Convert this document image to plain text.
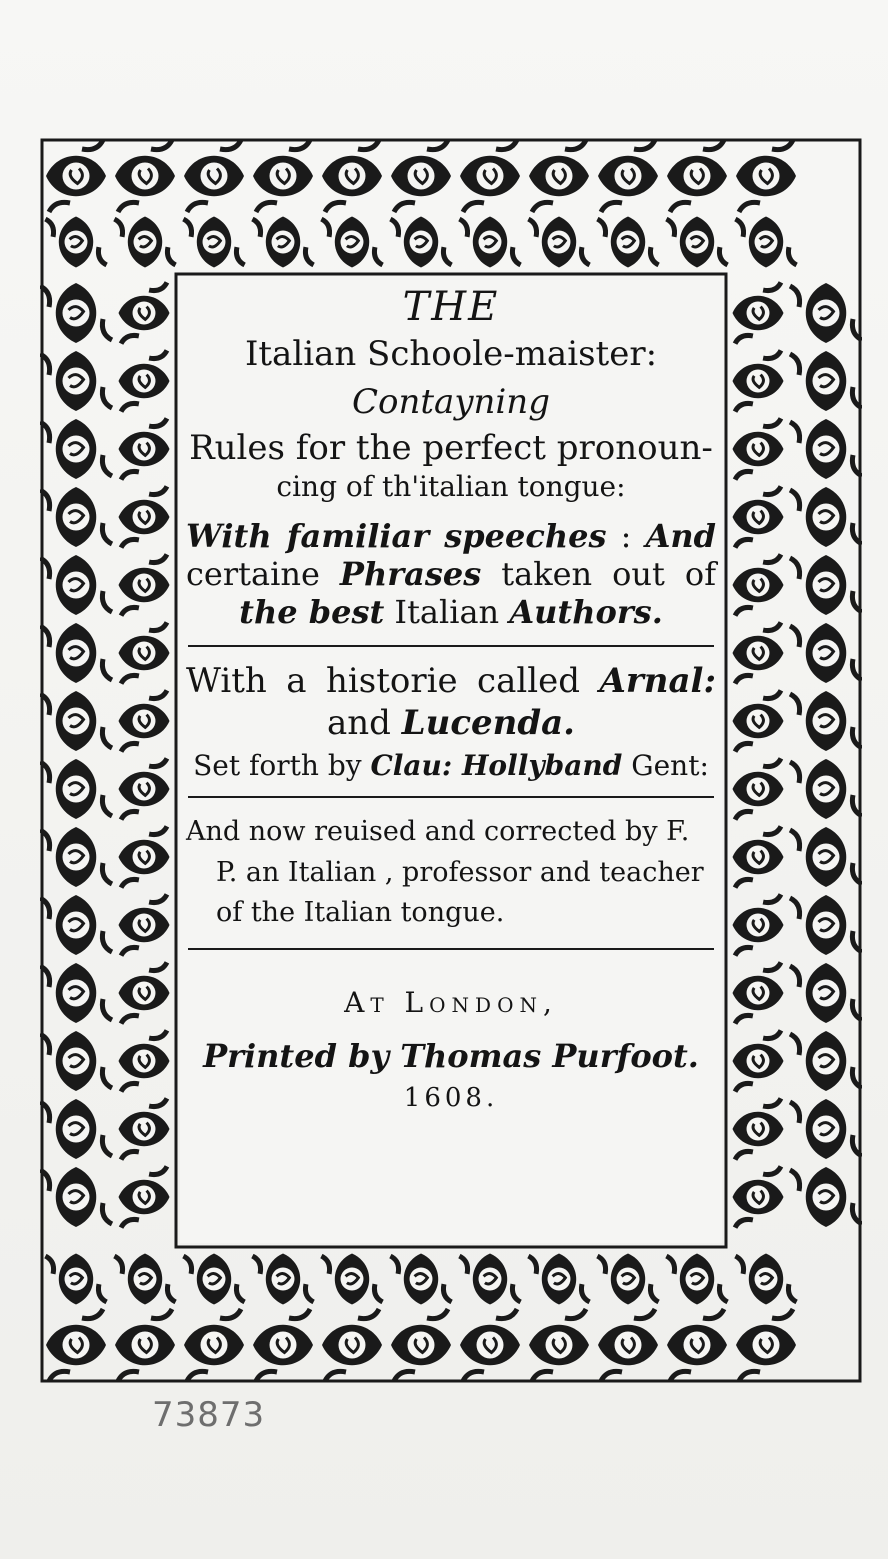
THE
Italian Schoole-maister:
Contayning
Rules for the perfect pronoun-
cing of th'italian tongue:
With familiar speeches : And
certaine Phrases taken out of
the best Italian Authors.
With a historie called Arnal:
and Lucenda.
Set forth by Clau: Hollyband Gent:
And now reuised and corrected by F.
P. an Italian , professor and teacher
of the Italian tongue.
At London,
Printed by Thomas Purfoot.
1608.
73873
